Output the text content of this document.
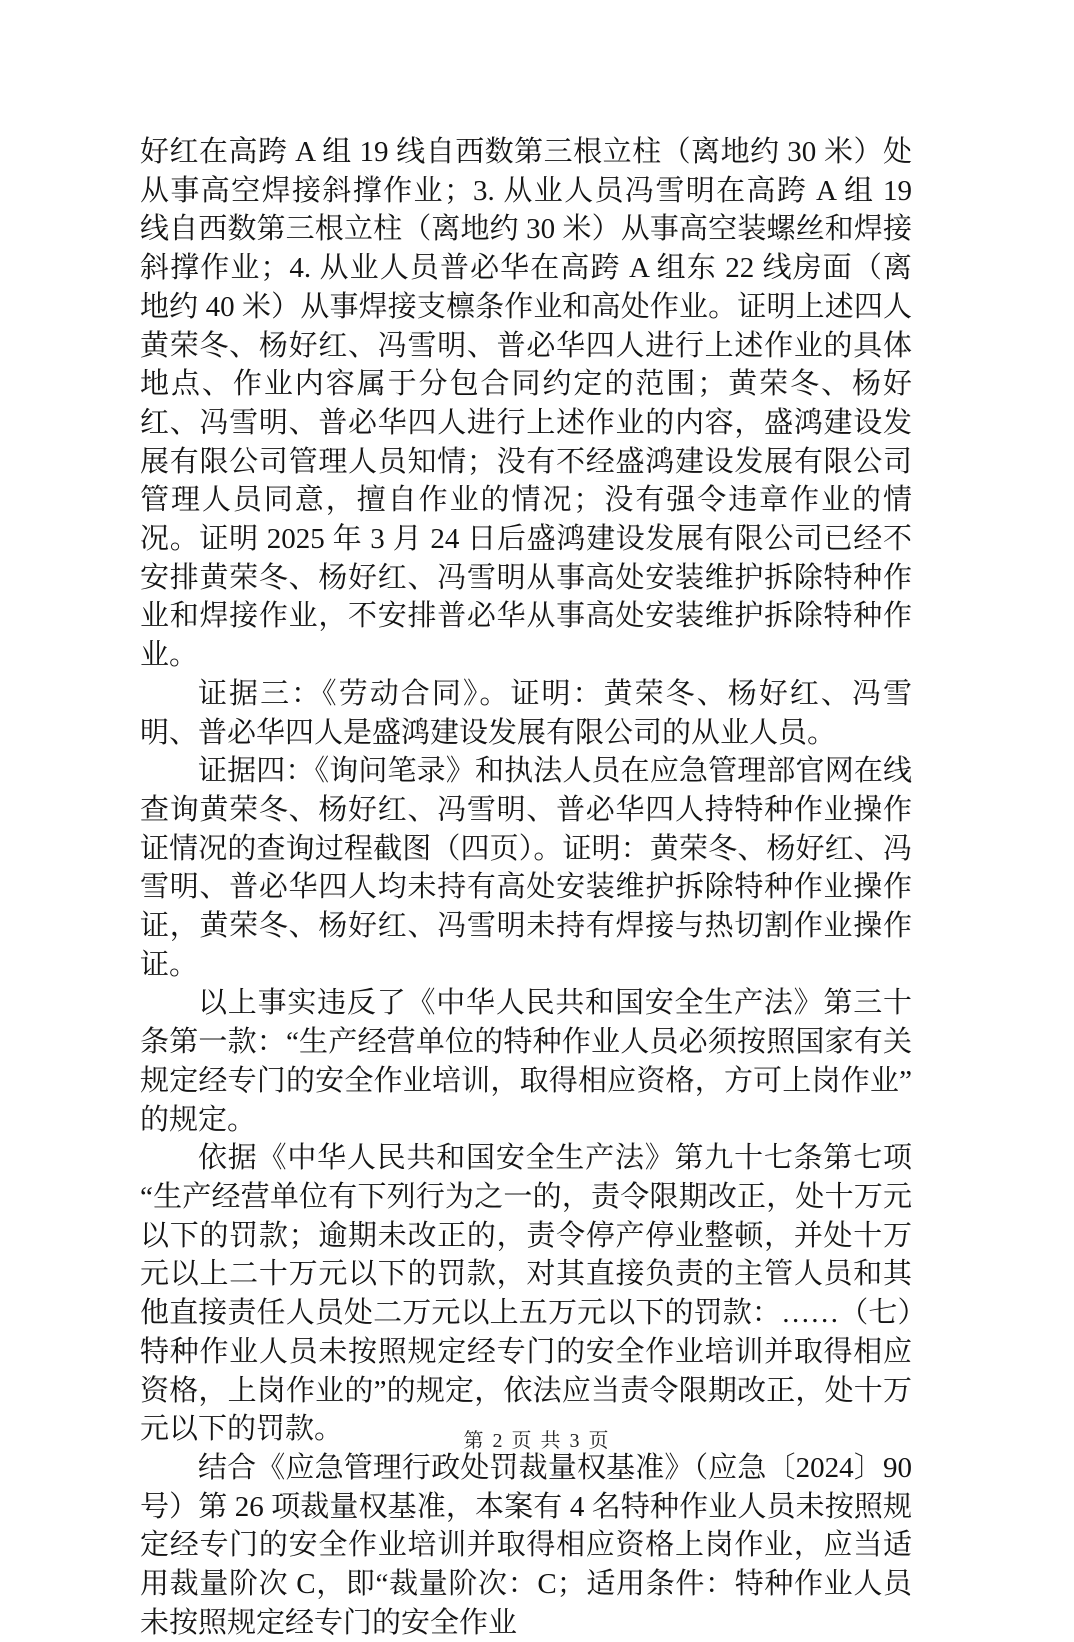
好红在高跨 A 组 19 线自西数第三根立柱（离地约 30 米）处从事高空焊接斜撑作业；3. 从业人员冯雪明在高跨 A 组 19 线自西数第三根立柱（离地约 30 米）从事高空装螺丝和焊接斜撑作业；4. 从业人员普必华在高跨 A 组东 22 线房面（离地约 40 米）从事焊接支檩条作业和高处作业。证明上述四人黄荣冬、杨好红、冯雪明、普必华四人进行上述作业的具体地点、作业内容属于分包合同约定的范围；黄荣冬、杨好红、冯雪明、普必华四人进行上述作业的内容，盛鸿建设发展有限公司管理人员知情；没有不经盛鸿建设发展有限公司管理人员同意，擅自作业的情况；没有强令违章作业的情况。证明 2025 年 3 月 24 日后盛鸿建设发展有限公司已经不安排黄荣冬、杨好红、冯雪明从事高处安装维护拆除特种作业和焊接作业，不安排普必华从事高处安装维护拆除特种作业。

证据三：《劳动合同》。证明：黄荣冬、杨好红、冯雪明、普必华四人是盛鸿建设发展有限公司的从业人员。

证据四：《询问笔录》和执法人员在应急管理部官网在线查询黄荣冬、杨好红、冯雪明、普必华四人持特种作业操作证情况的查询过程截图（四页）。证明：黄荣冬、杨好红、冯雪明、普必华四人均未持有高处安装维护拆除特种作业操作证，黄荣冬、杨好红、冯雪明未持有焊接与热切割作业操作证。

以上事实违反了《中华人民共和国安全生产法》第三十条第一款：“生产经营单位的特种作业人员必须按照国家有关规定经专门的安全作业培训，取得相应资格，方可上岗作业”的规定。

依据《中华人民共和国安全生产法》第九十七条第七项“生产经营单位有下列行为之一的，责令限期改正，处十万元以下的罚款；逾期未改正的，责令停产停业整顿，并处十万元以上二十万元以下的罚款，对其直接负责的主管人员和其他直接责任人员处二万元以上五万元以下的罚款：……（七）特种作业人员未按照规定经专门的安全作业培训并取得相应资格，上岗作业的”的规定，依法应当责令限期改正，处十万元以下的罚款。

结合《应急管理行政处罚裁量权基准》（应急〔2024〕90 号）第 26 项裁量权基准，本案有 4 名特种作业人员未按照规定经专门的安全作业培训并取得相应资格上岗作业，应当适用裁量阶次 C，即“裁量阶次：C；适用条件：特种作业人员未按照规定经专门的安全作业

第 2 页 共 3 页
